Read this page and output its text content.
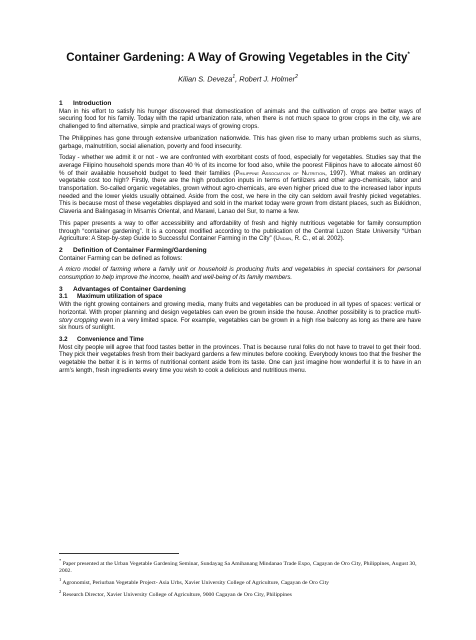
Container Gardening: A Way of Growing Vegetables in the City*
Kilian S. Deveza$^1$, Robert J. Holmer$^2$
1	Introduction

Man in his effort to satisfy his hunger discovered that domestication of animals and the cultivation of crops are better ways of securing food for his family. Today with the rapid urbanization rate, when there is not much space to grow crops in the city, we are challenged to find alternative, simple and practical ways of growing crops.

The Philippines has gone through extensive urbanization nationwide. This has given rise to many urban problems such as slums, garbage, malnutrition, social alienation, poverty and food insecurity.

Today - whether we admit it or not - we are confronted with exorbitant costs of food, especially for vegetables. Studies say that the average Filipino household spends more than 40 % of its income for food also, while the poorest Filipinos have to allocate almost 60 % of their available household budget to feed their families (Philippine Association of Nutrition, 1997). What makes an ordinary vegetable cost too high? Firstly, there are the high production inputs in terms of fertilizers and other agro-chemicals, labor and transportation. So-called organic vegetables, grown without agro-chemicals, are even higher priced due to the increased labor inputs needed and the lower yields usually obtained. Aside from the cost, we here in the city can seldom avail freshly picked vegetables. This is because most of these vegetables displayed and sold in the market today were grown from distant places, such as Bukidnon, Claveria and Balingasag in Misamis Oriental, and Marawi, Lanao del Sur, to name a few.

This paper presents a way to offer accessibility and affordability of fresh and highly nutritious vegetable for family consumption through “container gardening”. It is a concept modified according to the publication of the Central Luzon State University “Urban Agriculture: A Step-by-step Guide to Successful Container Farming in the City” (Undan, R. C., et al. 2002).

2	Definition of Container Farming/Gardening

Container Farming can be defined as follows:

A micro model of farming where a family unit or household is producing fruits and vegetables in special containers for personal consumption to help improve the income, health and well-being of its family members.

3	Advantages of Container Gardening
3.1	Maximum utilization of space

With the right growing containers and growing media, many fruits and vegetables can be produced in all types of spaces: vertical or horizontal. With proper planning and design vegetables can even be grown inside the house. Another possibility is to practice multi-story cropping even in a very limited space. For example, vegetables can be grown in a high rise balcony as long as there are have six hours of sunlight.

3.2	Convenience and Time

Most city people will agree that food tastes better in the provinces. That is because rural folks do not have to travel to get their food. They pick their vegetables fresh from their backyard gardens a few minutes before cooking. Everybody knows too that the fresher the vegetable the better it is in terms of nutritional content aside from its taste. One can just imagine how wonderful it is to have in an arm’s length, fresh ingredients every time you wish to cook a delicious and nutritious menu.

* Paper presented at the Urban Vegetable Gardening Seminar, Sundayag Sa Amihanang Mindanao Trade Expo, Cagayan de Oro City, Philippines, August 30, 2002.
$^1$ Agronomist, Periurban Vegetable Project- Asia Urbs, Xavier University College of Agriculture, Cagayan de Oro City
$^2$ Research Director, Xavier University College of Agriculture, 9000 Cagayan de Oro City, Philippines
